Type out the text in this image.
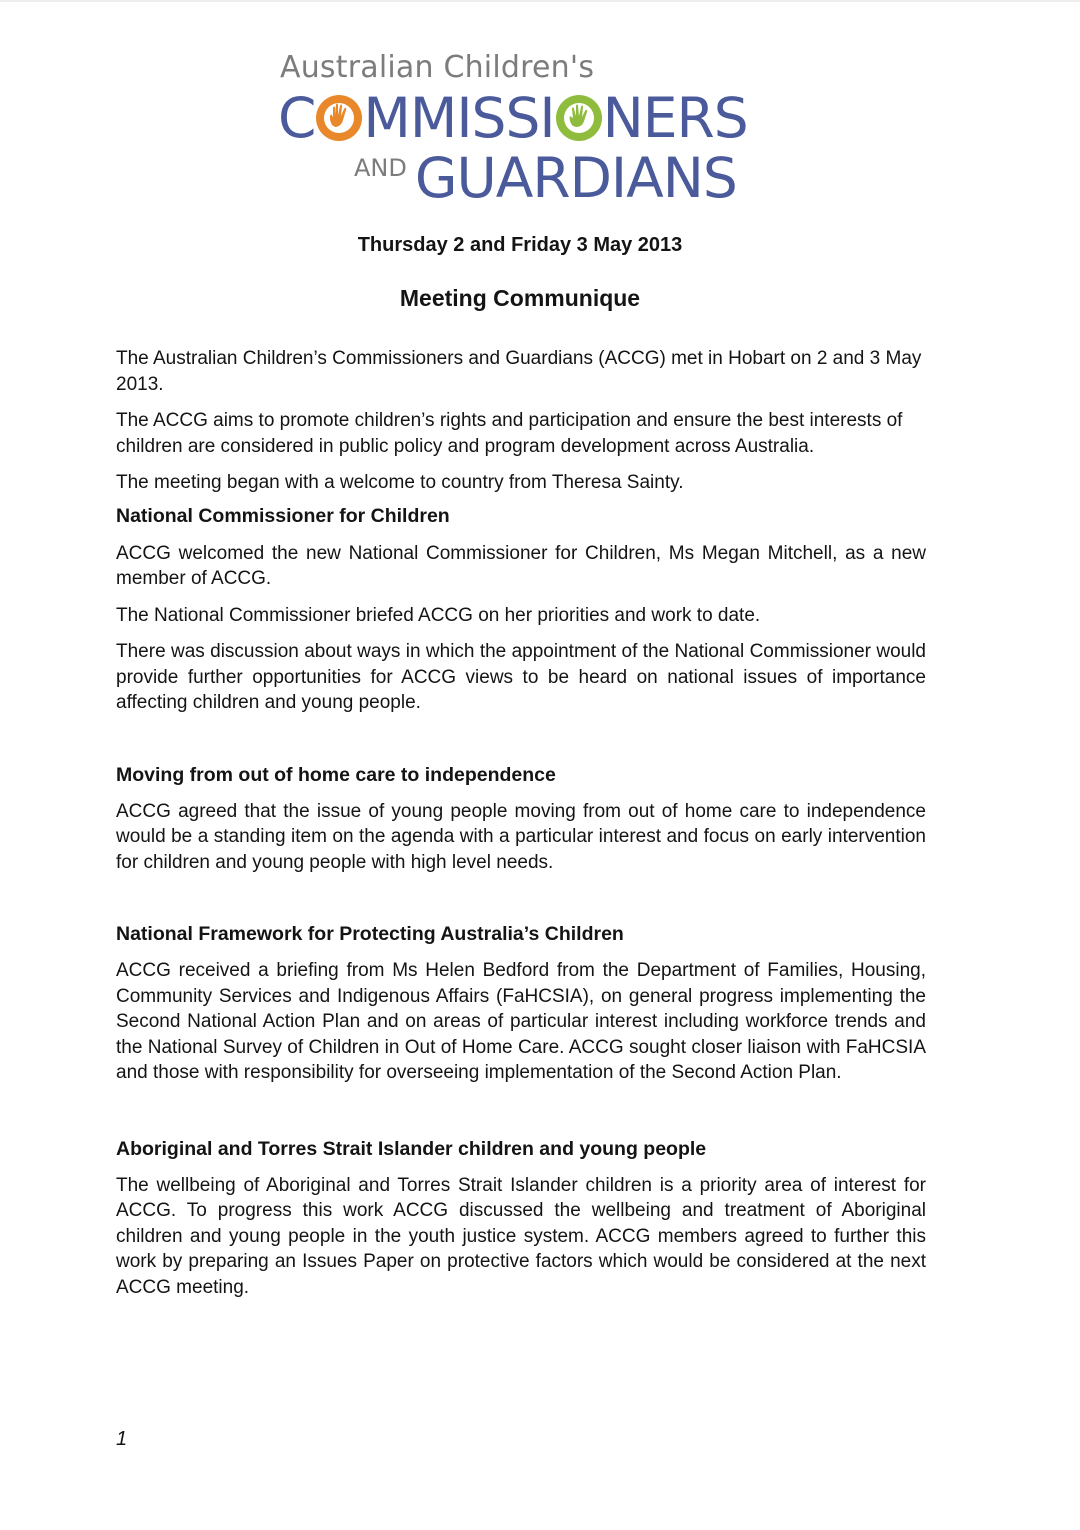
Australian Children's
C MMISSI NERS
AND GUARDIANS
Thursday 2 and Friday 3 May 2013
Meeting Communique

The Australian Children’s Commissioners and Guardians (ACCG) met in Hobart on 2 and 3 May 2013.

The ACCG aims to promote children’s rights and participation and ensure the best interests of children are considered in public policy and program development across Australia.

The meeting began with a welcome to country from Theresa Sainty.

National Commissioner for Children

ACCG welcomed the new National Commissioner for Children, Ms Megan Mitchell, as a new member of ACCG.

The National Commissioner briefed ACCG on her priorities and work to date.

There was discussion about ways in which the appointment of the National Commissioner would provide further opportunities for ACCG views to be heard on national issues of importance affecting children and young people.

Moving from out of home care to independence

ACCG agreed that the issue of young people moving from out of home care to independence would be a standing item on the agenda with a particular interest and focus on early intervention for children and young people with high level needs.

National Framework for Protecting Australia’s Children

ACCG received a briefing from Ms Helen Bedford from the Department of Families, Housing, Community Services and Indigenous Affairs (FaHCSIA), on general progress implementing the Second National Action Plan and on areas of particular interest including workforce trends and the National Survey of Children in Out of Home Care. ACCG sought closer liaison with FaHCSIA and those with responsibility for overseeing implementation of the Second Action Plan.

Aboriginal and Torres Strait Islander children and young people

The wellbeing of Aboriginal and Torres Strait Islander children is a priority area of interest for ACCG. To progress this work ACCG discussed the wellbeing and treatment of Aboriginal children and young people in the youth justice system. ACCG members agreed to further this work by preparing an Issues Paper on protective factors which would be considered at the next ACCG meeting.

1
